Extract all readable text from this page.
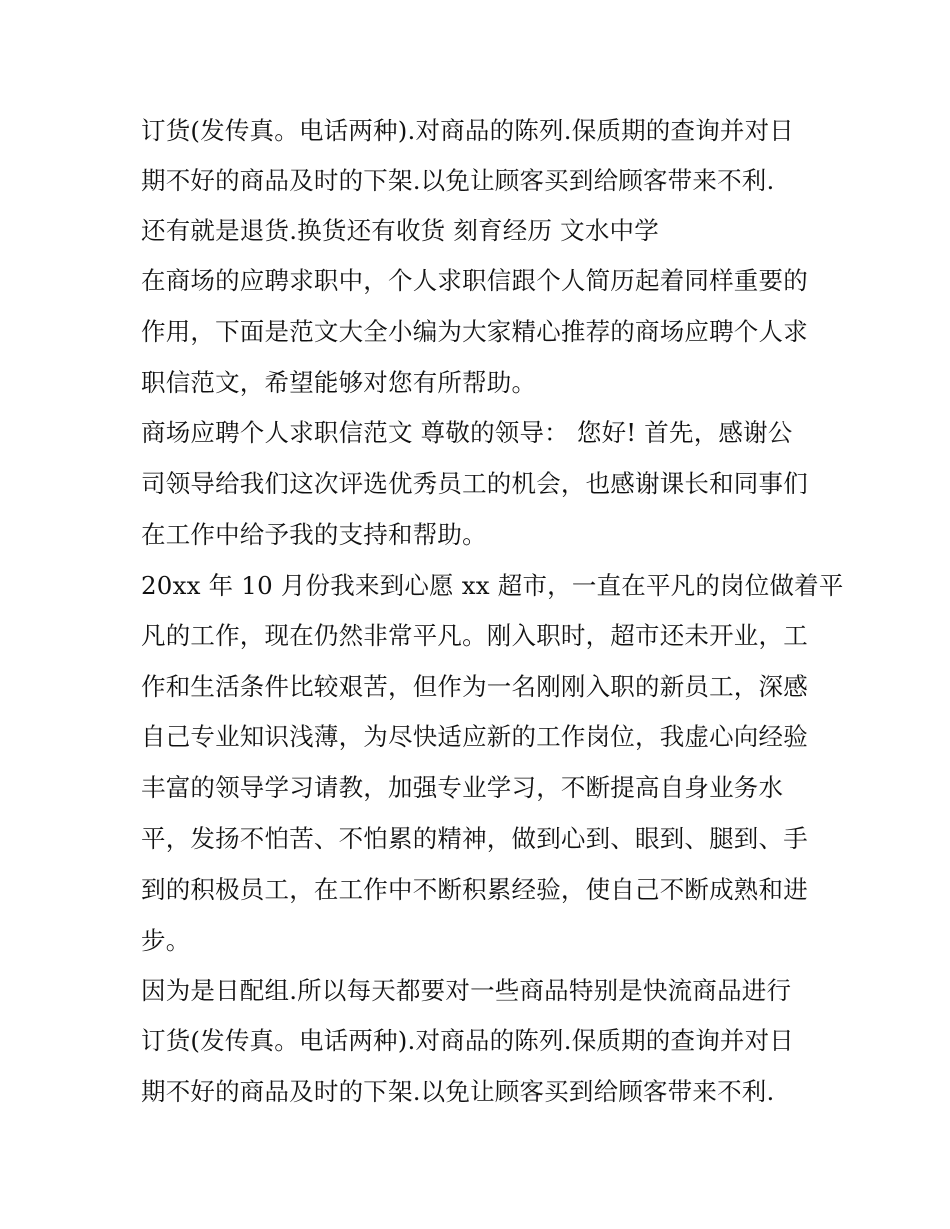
订货(发传真。电话两种).对商品的陈列.保质期的查询并对日
期不好的商品及时的下架.以免让顾客买到给顾客带来不利.
还有就是退货.换货还有收货 刻育经历 文水中学
在商场的应聘求职中，个人求职信跟个人简历起着同样重要的
作用，下面是范文大全小编为大家精心推荐的商场应聘个人求
职信范文，希望能够对您有所帮助。
商场应聘个人求职信范文 尊敬的领导： 您好! 首先，感谢公
司领导给我们这次评选优秀员工的机会，也感谢课长和同事们
在工作中给予我的支持和帮助。
20xx 年 10 月份我来到心愿 xx 超市，一直在平凡的岗位做着平
凡的工作，现在仍然非常平凡。刚入职时，超市还未开业，工
作和生活条件比较艰苦，但作为一名刚刚入职的新员工，深感
自己专业知识浅薄，为尽快适应新的工作岗位，我虚心向经验
丰富的领导学习请教，加强专业学习，不断提高自身业务水
平，发扬不怕苦、不怕累的精神，做到心到、眼到、腿到、手
到的积极员工，在工作中不断积累经验，使自己不断成熟和进
步。
因为是日配组.所以每天都要对一些商品特别是快流商品进行
订货(发传真。电话两种).对商品的陈列.保质期的查询并对日
期不好的商品及时的下架.以免让顾客买到给顾客带来不利.
